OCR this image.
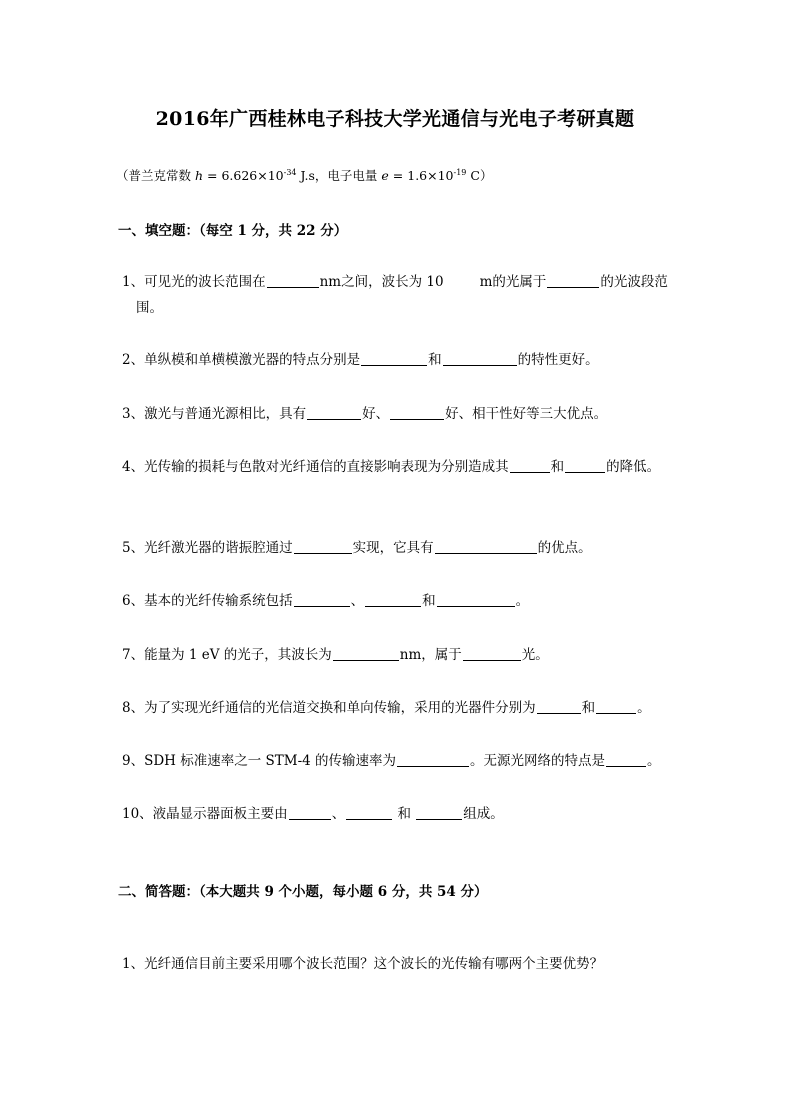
2016年广西桂林电子科技大学光通信与光电子考研真题
（普兰克常数 $h = 6.626\times 10^{-34}$ J.s，电子电量 $e = 1.6\times 10^{-19}$ C）
一、填空题：（每空 1 分，共 22 分）
1、可见光的波长范围在	nm之间，波长为 10	m的光属于	的光波段范
围。
2、单纵模和单横模激光器的特点分别是	和	的特性更好。
3、激光与普通光源相比，具有	好、	好、相干性好等三大优点。
4、光传输的损耗与色散对光纤通信的直接影响表现为分别造成其	和	的降低。
5、光纤激光器的谐振腔通过	实现，它具有	的优点。
6、基本的光纤传输系统包括	、	和	。
7、能量为 1 eV 的光子，其波长为	nm，属于	光。
8、为了实现光纤通信的光信道交换和单向传输，采用的光器件分别为	和	。
9、SDH 标准速率之一 STM-4 的传输速率为	。无源光网络的特点是	。
10、液晶显示器面板主要由	、	和	组成。
二、简答题：（本大题共 9 个小题，每小题 6 分，共 54 分）
1、光纤通信目前主要采用哪个波长范围？这个波长的光传输有哪两个主要优势？
